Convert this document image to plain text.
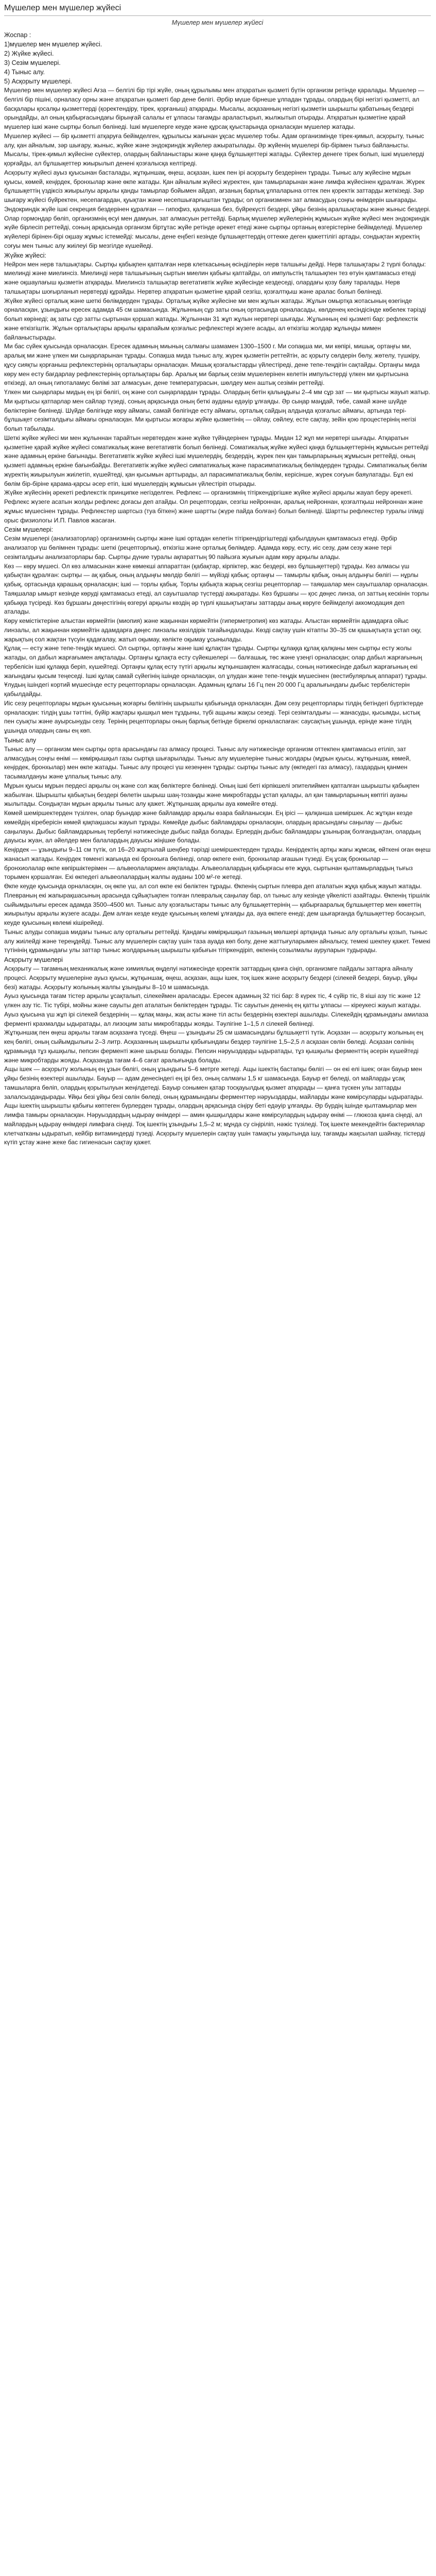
Мүшелер мен мүшелер жүйесі
Мүшелер мен мүшелер жүйесі
Жоспар :
1)мүшелер мен мүшелер жүйесі.
2) Жүйке жүйесі.
3) Сезім мүшелері.
4) Тыныс алу.
5) Асқорыту мүшелері.

Мүшелер мен мүшелер жүйесі Ағза — белгілі бір тірі жүйе, оның құрылымы мен атқаратын қызметі бүтін организм ретінде қаралады. Мүшелер — белгілі бір пішіні, орналасу орны және атқаратын қызметі бар дене бөлігі. Әрбір мүше бірнеше ұлпадан тұрады, олардың бірі негізгі қызметті, ал басқалары қосалқы қызметтерді (қоректендіру, тірек, қорғаныш) атқарады. Мысалы, асқазанның негізгі қызметін шырышты қабатының бездері орындайды, ал оның қабырғасындағы бірыңғай салалы ет ұлпасы тағамды араластырып, жылжытып отырады. Атқаратын қызметіне қарай мүшелер ішкі және сыртқы болып бөлінеді. Ішкі мүшелерге кеуде және құрсақ қуыстарында орналасқан мүшелер жатады.

Мүшелер жүйесі — бір қызметті атқаруға бейімделген, құрылысы жағынан ұқсас мүшелер тобы. Адам организмінде тірек-қимыл, асқорыту, тыныс алу, қан айналым, зәр шығару, жыныс, жүйке және эндокриндік жүйелер ажыратылады. Әр жүйенің мүшелері бір-бірімен тығыз байланысты. Мысалы, тірек-қимыл жүйесіне сүйектер, олардың байланыстары және қаңқа бұлшықеттері жатады. Сүйектер денеге тірек болып, ішкі мүшелерді қорғайды, ал бұлшықеттер жиырылып денені қозғалысқа келтіреді.

Асқорыту жүйесі ауыз қуысынан басталады, жұтқыншақ, өңеш, асқазан, ішек пен ірі асқорыту бездерінен тұрады. Тыныс алу жүйесіне мұрын қуысы, көмей, кеңірдек, бронхылар және өкпе жатады. Қан айналым жүйесі жүректен, қан тамырларынан және лимфа жүйесінен құралған. Жүрек бұлшықеттің үздіксіз жиырылуы арқылы қанды тамырлар бойымен айдап, ағзаның барлық ұлпаларына оттек пен қоректік заттарды жеткізеді. Зәр шығару жүйесі бүйректен, несепағардан, қуықтан және несепшығарғыштан тұрады; ол организмнен зат алмасудың соңғы өнімдерін шығарады.

Эндокриндік жүйе ішкі секреция бездерінен құралған — гипофиз, қалқанша без, бүйрекүсті бездері, ұйқы безінің аралшықтары және жыныс бездері. Олар гормондар бөліп, организмнің өсуі мен дамуын, зат алмасуын реттейді. Барлық мүшелер жүйелерінің жұмысын жүйке жүйесі мен эндокриндік жүйе бірлесіп реттейді, соның арқасында организм біртұтас жүйе ретінде әрекет етеді және сыртқы ортаның өзгерістеріне бейімделеді. Мүшелер жүйелері бірінен-бірі оқшау жұмыс істемейді: мысалы, дене еңбегі кезінде бұлшықеттердің оттекке деген қажеттілігі артады, сондықтан жүректің соғуы мен тыныс алу жиілеуі бір мезгілде күшейеді.

Жүйке жүйесі:

Нейрон мен нерв талшықтары. Сыртқы қабықпен қапталған нерв клеткасының өсінділерін нерв талшығы дейді. Нерв талшықтары 2 түрлі болады: миелинді және миелинсіз. Миелинді нерв талшығының сыртын миелин қабығы қаптайды, ол импульстің талшықпен тез өтуін қамтамасыз етеді және оқшаулағыш қызметін атқарады. Миелинсіз талшықтар вегетативтік жүйке жүйесінде кездеседі, олардағы қозу баяу таралады. Нерв талшықтары шоғырланып нервтерді құрайды. Нервтер атқаратын қызметіне қарай сезгіш, қозғалтқыш және аралас болып бөлінеді.

Жүйке жүйесі орталық және шеткі бөлімдерден тұрады. Орталық жүйке жүйесіне ми мен жұлын жатады. Жұлын омыртқа жотасының өзегінде орналасқан, ұзындығы ересек адамда 45 см шамасында. Жұлынның сұр заты оның ортасында орналасады, көлденең кесіндісінде көбелек тәрізді болып көрінеді; ақ заты сұр затты сыртынан қоршап жатады. Жұлыннан 31 жұп жұлын нервтері шығады. Жұлынның екі қызметі бар: рефлекстік және өткізгіштік. Жұлын орталықтары арқылы қарапайым қозғалыс рефлекстері жүзеге асады, ал өткізгіш жолдар жұлынды мимен байланыстырады.

Ми бас сүйек қуысында орналасқан. Ересек адамның миының салмағы шамамен 1300–1500 г. Ми сопақша ми, ми көпірі, мишық, ортаңғы ми, аралық ми және үлкен ми сыңарларынан тұрады. Сопақша мида тыныс алу, жүрек қызметін реттейтін, ас қорыту сөлдерін бөлу, жөтелу, түшкіру, құсу сияқты қорғаныш рефлекстерінің орталықтары орналасқан. Мишық қозғалыстарды үйлестіреді, дене тепе-теңдігін сақтайды. Ортаңғы мида көру мен есту бағдарлау рефлекстерінің орталықтары бар. Аралық ми барлық сезім мүшелерінен келетін импульстерді үлкен ми қыртысына өткізеді, ал оның гипоталамус бөлімі зат алмасуын, дене температурасын, шөлдеу мен аштық сезімін реттейді.

Үлкен ми сыңарлары мидың ең ірі бөлігі, оң және сол сыңарлардан тұрады. Олардың бетін қалыңдығы 2–4 мм сұр зат — ми қыртысы жауып жатыр. Ми қыртысы қатпарлар мен сайлар түзеді, соның арқасында оның беткі ауданы едәуір ұлғаяды. Әр сыңар маңдай, төбе, самай және шүйде бөліктеріне бөлінеді. Шүйде бөлігінде көру аймағы, самай бөлігінде есту аймағы, орталық сайдың алдында қозғалыс аймағы, артында тері-бұлшықет сезімталдығы аймағы орналасқан. Ми қыртысы жоғары жүйке қызметінің — ойлау, сөйлеу, есте сақтау, зейін қою процестерінің негізі болып табылады.

Шеткі жүйке жүйесі ми мен жұлыннан тарайтын нервтерден және жүйке түйіндерінен тұрады. Мидан 12 жұп ми нервтері шығады. Атқаратын қызметіне қарай жүйке жүйесі соматикалық және вегетативтік болып бөлінеді. Соматикалық жүйке жүйесі қаңқа бұлшықеттерінің жұмысын реттейді және адамның еркіне бағынады. Вегетативтік жүйке жүйесі ішкі мүшелердің, бездердің, жүрек пен қан тамырларының жұмысын реттейді, оның қызметі адамның еркіне бағынбайды. Вегетативтік жүйке жүйесі симпатикалық және парасимпатикалық бөлімдерден тұрады. Симпатикалық бөлім жүректің жиырылуын жиілетіп, күшейтеді, қан қысымын арттырады, ал парасимпатикалық бөлім, керісінше, жүрек соғуын баяулатады. Бұл екі бөлім бір-біріне қарама-қарсы әсер етіп, ішкі мүшелердің жұмысын үйлестіріп отырады.

Жүйке жүйесінің әрекеті рефлекстік принципке негізделген. Рефлекс — организмнің тітіркендіргішке жүйке жүйесі арқылы жауап беру әрекеті. Рефлекс жүзеге асатын жолды рефлекс доғасы деп атайды. Ол рецептордан, сезгіш нейроннан, аралық нейроннан, қозғалтқыш нейроннан және жұмыс мүшесінен тұрады. Рефлекстер шартсыз (туа біткен) және шартты (жүре пайда болған) болып бөлінеді. Шартты рефлекстер туралы ілімді орыс физиологы И.П. Павлов жасаған.

Сезім мүшелері:

Сезім мүшелері (анализаторлар) организмнің сыртқы және ішкі ортадан келетін тітіркендіргіштерді қабылдауын қамтамасыз етеді. Әрбір анализатор үш бөлімнен тұрады: шеткі (рецепторлық), өткізгіш және орталық бөлімдер. Адамда көру, есту, иіс сезу, дәм сезу және тері сезімталдығы анализаторлары бар. Сыртқы дүние туралы ақпараттың 90 пайызға жуығын адам көру арқылы алады.

Көз — көру мүшесі. Ол көз алмасынан және көмекші аппараттан (қабақтар, кірпіктер, жас бездері, көз бұлшықеттері) тұрады. Көз алмасы үш қабықтан құралған: сыртқы — ақ қабық, оның алдыңғы мөлдір бөлігі — мүйізді қабық; ортаңғы — тамырлы қабық, оның алдыңғы бөлігі — нұрлы қабық, ортасында қарашық орналасқан; ішкі — торлы қабық. Торлы қабықта жарық сезгіш рецепторлар — таяқшалар мен сауытшалар орналасқан. Таяқшалар ымырт кезінде көруді қамтамасыз етеді, ал сауытшалар түстерді ажыратады. Көз бұршағы — қос дөңес линза, ол заттың кескінін торлы қабыққа түсіреді. Көз бұршағы дөңестігінің өзгеруі арқылы көздің әр түрлі қашықтықтағы заттарды анық көруге бейімделуі аккомодация деп аталады.

Көру кемістіктеріне алыстан көрмейтін (миопия) және жақыннан көрмейтін (гиперметропия) көз жатады. Алыстан көрмейтін адамдарға ойыс линзалы, ал жақыннан көрмейтін адамдарға дөңес линзалы көзілдірік тағайындалады. Көзді сақтау үшін кітапты 30–35 см қашықтықта ұстап оқу, жарықтың сол жақтан түсуін қадағалау, жатып оқымау, көлікте оқымау ұсынылады.

Құлақ — есту және тепе-теңдік мүшесі. Ол сыртқы, ортаңғы және ішкі құлақтан тұрады. Сыртқы құлаққа құлақ қалқаны мен сыртқы есту жолы жатады, ол дабыл жарғағымен аяқталады. Ортаңғы құлақта есту сүйекшелері — балғашық, төс және үзеңгі орналасқан; олар дабыл жарғағының тербелісін ішкі құлаққа беріп, күшейтеді. Ортаңғы құлақ есту түтігі арқылы жұтқыншақпен жалғасады, соның нәтижесінде дабыл жарғағының екі жағындағы қысым теңеседі. Ішкі құлақ самай сүйегінің ішінде орналасқан, ол ұлудан және тепе-теңдік мүшесінен (вестибулярлық аппарат) тұрады. Ұлудың ішіндегі кортий мүшесінде есту рецепторлары орналасқан. Адамның құлағы 16 Гц пен 20 000 Гц аралығындағы дыбыс тербелістерін қабылдайды.

Иіс сезу рецепторлары мұрын қуысының жоғарғы бөлігінің шырышты қабығында орналасқан. Дәм сезу рецепторлары тілдің бетіндегі бүртіктерде орналасқан: тілдің ұшы тәттіні, бүйір жақтары қышқыл мен тұздыны, түбі ащыны жақсы сезеді. Тері сезімталдығы — жанасуды, қысымды, ыстық пен суықты және ауырсынуды сезу. Терінің рецепторлары оның барлық бетінде біркелкі орналаспаған: саусақтың ұшында, ерінде және тілдің ұшында олардың саны ең көп.

Тыныс алу

Тыныс алу — организм мен сыртқы орта арасындағы газ алмасу процесі. Тыныс алу нәтижесінде организм оттекпен қамтамасыз етіліп, зат алмасудың соңғы өнімі — көмірқышқыл газы сыртқа шығарылады. Тыныс алу мүшелеріне тыныс жолдары (мұрын қуысы, жұтқыншақ, көмей, кеңірдек, бронхылар) мен өкпе жатады. Тыныс алу процесі үш кезеңнен тұрады: сыртқы тыныс алу (өкпедегі газ алмасу), газдардың қанмен тасымалдануы және ұлпалық тыныс алу.

Мұрын қуысы мұрын пердесі арқылы оң және сол жақ бөліктерге бөлінеді. Оның ішкі беті кірпікшелі эпителиймен қапталған шырышты қабықпен жабылған. Шырышты қабықтың бездері бөлетін шырыш шаң-тозаңды және микробтарды ұстап қалады, ал қан тамырларының көптігі ауаны жылытады. Сондықтан мұрын арқылы тыныс алу қажет. Жұтқыншақ арқылы ауа көмейге өтеді.

Көмей шеміршектерден түзілген, олар буындар және байламдар арқылы өзара байланысқан. Ең ірісі — қалқанша шеміршек. Ас жұтқан кезде көмейдің кіреберісін көмей қақпақшасы жауып тұрады. Көмейде дыбыс байламдары орналасқан, олардың арасындағы саңылау — дыбыс саңылауы. Дыбыс байламдарының тербелуі нәтижесінде дыбыс пайда болады. Ерлердің дыбыс байламдары ұзынырақ болғандықтан, олардың дауысы жуан, ал әйелдер мен балалардың дауысы жіңішке болады.

Кеңірдек — ұзындығы 9–11 см түтік, ол 16–20 жартылай шеңбер тәрізді шеміршектерден тұрады. Кеңірдектің артқы жағы жұмсақ, өйткені оған өңеш жанасып жатады. Кеңірдек төменгі жағында екі бронхыға бөлінеді, олар өкпеге еніп, бронхылар ағашын түзеді. Ең ұсақ бронхылар — бронхиолалар өкпе көпіршіктерімен — альвеолалармен аяқталады. Альвеолалардың қабырғасы өте жұқа, сыртынан қылтамырлардың тығыз торымен қоршалған. Екі өкпедегі альвеолалардың жалпы ауданы 100 м²-ге жетеді.

Өкпе кеуде қуысында орналасқан, оң өкпе үш, ал сол өкпе екі бөліктен тұрады. Өкпенің сыртын плевра деп аталатын жұқа қабық жауып жатады. Плевраның екі жапырақшасының арасында сұйықтықпен толған плевралық саңылау бар, ол тыныс алу кезінде үйкелісті азайтады. Өкпенің тіршілік сыйымдылығы ересек адамда 3500–4500 мл. Тыныс алу қозғалыстары тыныс алу бұлшықеттерінің — қабырғааралық бұлшықеттер мен көкеттің жиырылуы арқылы жүзеге асады. Дем алған кезде кеуде қуысының көлемі ұлғаяды да, ауа өкпеге енеді; дем шығарғанда бұлшықеттер босаңсып, кеуде қуысының көлемі кішірейеді.

Тыныс алуды сопақша мидағы тыныс алу орталығы реттейді. Қандағы көмірқышқыл газының мөлшері артқанда тыныс алу орталығы қозып, тыныс алу жиілейді және тереңдейді. Тыныс алу мүшелерін сақтау үшін таза ауада көп болу, дене жаттығуларымен айналысу, темекі шекпеу қажет. Темекі түтінінің құрамындағы улы заттар тыныс жолдарының шырышты қабығын тітіркендіріп, өкпенің созылмалы ауруларын тудырады.

Асқорыту мүшелері

Асқорыту — тағамның механикалық және химиялық өңделуі нәтижесінде қоректік заттардың қанға сіңіп, организмге пайдалы заттарға айналу процесі. Асқорыту мүшелеріне ауыз қуысы, жұтқыншақ, өңеш, асқазан, ащы ішек, тоқ ішек және асқорыту бездері (сілекей бездері, бауыр, ұйқы безі) жатады. Асқорыту жолының жалпы ұзындығы 8–10 м шамасында.

Ауыз қуысында тағам тістер арқылы ұсақталып, сілекеймен араласады. Ересек адамның 32 тісі бар: 8 күрек тіс, 4 сүйір тіс, 8 кіші азу тіс және 12 үлкен азу тіс. Тіс түбірі, мойны және сауыты деп аталатын бөліктерден тұрады. Тіс сауытын дененің ең қатты ұлпасы — кіреукесі жауып жатады. Ауыз қуысына үш жұп ірі сілекей бездерінің — құлақ маңы, жақ асты және тіл асты бездерінің өзектері ашылады. Сілекейдің құрамындағы амилаза ферменті крахмалды ыдыратады, ал лизоцим заты микробтарды жояды. Тәулігіне 1–1,5 л сілекей бөлінеді.

Жұтқыншақ пен өңеш арқылы тағам асқазанға түседі. Өңеш — ұзындығы 25 см шамасындағы бұлшықетті түтік. Асқазан — асқорыту жолының ең кең бөлігі, оның сыйымдылығы 2–3 литр. Асқазанның шырышты қабығындағы бездер тәулігіне 1,5–2,5 л асқазан сөлін бөледі. Асқазан сөлінің құрамында тұз қышқылы, пепсин ферменті және шырыш болады. Пепсин нәруыздарды ыдыратады, тұз қышқылы ферменттің әсерін күшейтеді және микробтарды жояды. Асқазанда тағам 4–6 сағат аралығында болады.

Ащы ішек — асқорыту жолының ең ұзын бөлігі, оның ұзындығы 5–6 метрге жетеді. Ащы ішектің бастапқы бөлігі — он екі елі ішек; оған бауыр мен ұйқы безінің өзектері ашылады. Бауыр — адам денесіндегі ең ірі без, оның салмағы 1,5 кг шамасында. Бауыр өт бөледі, ол майларды ұсақ тамшыларға бөліп, олардың қорытылуын жеңілдетеді. Бауыр сонымен қатар тосқауылдық қызмет атқарады — қанға түскен улы заттарды залалсыздандырады. Ұйқы безі ұйқы безі сөлін бөледі, оның құрамындағы ферменттер нәруыздарды, майларды және көмірсуларды ыдыратады.

Ащы ішектің шырышты қабығы көптеген бүрлерден тұрады, олардың арқасында сіңіру беті едәуір ұлғаяды. Әр бүрдің ішінде қылтамырлар мен лимфа тамыры орналасқан. Нәруыздардың ыдырау өнімдері — амин қышқылдары және көмірсулардың ыдырау өнімі — глюкоза қанға сіңеді, ал майлардың ыдырау өнімдері лимфаға сіңеді. Тоқ ішектің ұзындығы 1,5–2 м; мұнда су сіңіріліп, нәжіс түзіледі. Тоқ ішекте мекендейтін бактериялар клетчатканы ыдыратып, кейбір витаминдерді түзеді. Асқорыту мүшелерін сақтау үшін тамақты уақытында ішу, тағамды жақсылап шайнау, тістерді күтіп ұстау және жеке бас гигиенасын сақтау қажет.
